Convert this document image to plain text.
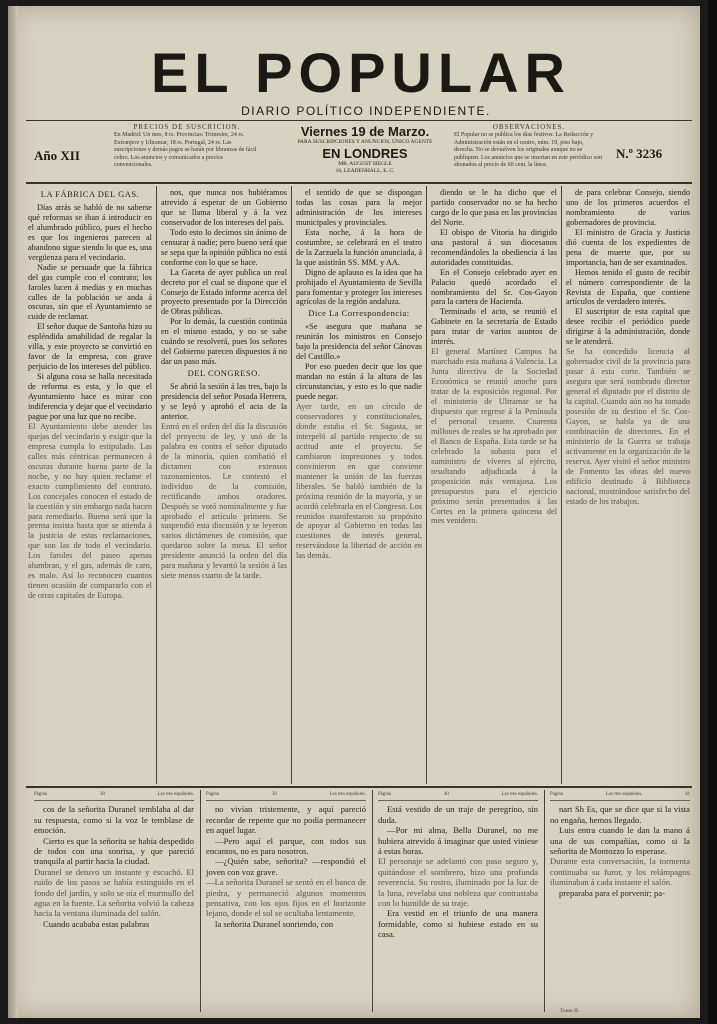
EL POPULAR
DIARIO POLÍTICO INDEPENDIENTE.
PRECIOS DE SUSCRICION.
En Madrid: Un mes, 8 rs. Provincias: Trimestre, 24 rs. Extranjero y Ultramar, 18 rs. Portugal, 24 rs. Las suscripciones y demás pagos se harán por libranzas de fácil cobro. Los anuncios y comunicados a precios convencionales.
Año XII
Viernes 19 de Marzo.
PARA SUSCRIPCIONES Y ANUNCIOS, ÚNICO AGENTE
EN LONDRES
MR. AUGUST SIEGLE
16, LEADENHALL, E. C.
OBSERVACIONES.
El Popular no se publica los días festivos. La Redacción y Administración están en el centro, núm. 19, piso bajo, derecha. No se devuelven los originales aunque no se publiquen. Los anuncios que se insertan en este periódico son abonados al precio de 60 cent. la línea.
N.º 3236

LA FÁBRICA DEL GAS.

Días atrás se habló de no saberse qué reformas se iban á introducir en el alumbrado público, pues el hecho es que los ingenieros parecen al abandono sigue siendo lo que es, una vergüenza para el vecindario.

Nadie se persuade que la fábrica del gas cumple con el contrato; los faroles lucen á medias y en muchas calles de la población se anda á oscuras, sin que el Ayuntamiento se cuide de reclamar.

El señor duque de Santoña hizo su espléndida amabilidad de regalar la villa, y este proyecto se convirtió en favor de la empresa, con grave perjuicio de los intereses del público.

Si alguna cosa se halla necesitada de reforma es esta, y lo que el Ayuntamiento hace es mirar con indiferencia y dejar que el vecindario pague por una luz que no recibe.

El Ayuntamiento debe atender las quejas del vecindario y exigir que la empresa cumpla lo estipulado. Las calles más céntricas permanecen á oscuras durante buena parte de la noche, y no hay quien reclame el exacto cumplimiento del contrato. Los concejales conocen el estado de la cuestión y sin embargo nada hacen para remediarlo. Bueno será que la prensa insista hasta que se atienda á la justicia de estas reclamaciones, que son las de todo el vecindario. Los faroles del paseo apenas alumbran, y el gas, además de caro, es malo. Así lo reconocen cuantos tienen ocasión de compararlo con el de otras capitales de Europa.

nos, que nunca nos hubiéramos atrevido á esperar de un Gobierno que se llama liberal y á la vez conservador de los intereses del país.

Todo esto lo decimos sin ánimo de censurar á nadie; pero bueno será que se sepa que la opinión pública no está conforme con lo que se hace.

La Gaceta de ayer publica un real decreto por el cual se dispone que el Consejo de Estado informe acerca del proyecto presentado por la Dirección de Obras públicas.

Por lo demás, la cuestión continúa en el mismo estado, y no se sabe cuándo se resolverá, pues los señores del Gobierno parecen dispuestos á no dar un paso más.

DEL CONGRESO.

Se abrió la sesión á las tres, bajo la presidencia del señor Posada Herrera, y se leyó y aprobó el acta de la anterior.

Entró en el orden del día la discusión del proyecto de ley, y usó de la palabra en contra el señor diputado de la minoría, quien combatió el dictamen con extensos razonamientos. Le contestó el individuo de la comisión, rectificando ambos oradores. Después se votó nominalmente y fue aprobado el artículo primero. Se suspendió esta discusión y se leyeron varios dictámenes de comisión, que quedaron sobre la mesa. El señor presidente anunció la orden del día para mañana y levantó la sesión á las siete menos cuarto de la tarde.

el sentido de que se dispongan todas las cosas para la mejor administración de los intereses municipales y provinciales.

Esta noche, á la hora de costumbre, se celebrará en el teatro de la Zarzuela la función anunciada, á la que asistirán SS. MM. y AA.

Digno de aplauso es la idea que ha prohijado el Ayuntamiento de Sevilla para fomentar y proteger los intereses agrícolas de la región andaluza.

Dice La Correspondencia:

«Se asegura que mañana se reunirán los ministros en Consejo bajo la presidencia del señor Cánovas del Castillo.»

Por eso pueden decir que los que mandan no están á la altura de las circunstancias, y esto es lo que nadie puede negar.

Ayer tarde, en un círculo de conservadores y constitucionales, donde estaba el Sr. Sagasta, se interpeló al partido respecto de su actitud ante el proyecto. Se cambiaron impresiones y todos convinieron en que conviene mantener la unión de las fuerzas liberales. Se habló también de la próxima reunión de la mayoría, y se acordó celebrarla en el Congreso. Los reunidos manifestaron su propósito de apoyar al Gobierno en todas las cuestiones de interés general, reservándose la libertad de acción en las demás.

diendo se le ha dicho que el partido conservador no se ha hecho cargo de lo que pasa en las provincias del Norte.

El obispo de Vitoria ha dirigido una pastoral á sus diocesanos recomendándoles la obediencia á las autoridades constituidas.

En el Consejo celebrado ayer en Palacio quedó acordado el nombramiento del Sr. Cos-Gayon para la cartera de Hacienda.

Terminado el acto, se reunió el Gabinete en la secretaría de Estado para tratar de varios asuntos de interés.

El general Martínez Campos ha marchado esta mañana á Valencia. La Junta directiva de la Sociedad Económica se reunió anoche para tratar de la exposición regional. Por el ministerio de Ultramar se ha dispuesto que regrese á la Península el personal cesante. Cuarenta millones de reales se ha aprobado por el Banco de España. Esta tarde se ha celebrado la subasta para el suministro de víveres al ejército, resultando adjudicada á la proposición más ventajosa. Los presupuestos para el ejercicio próximo serán presentados á las Cortes en la primera quincena del mes venidero.

de para celebrar Consejo, siendo uno de los primeros acuerdos el nombramiento de varios gobernadores de provincia.

El ministro de Gracia y Justicia dió cuenta de los expedientes de pena de muerte que, por su importancia, han de ser examinados.

Hemos tenido el gusto de recibir el número correspondiente de la Revista de España, que contiene artículos de verdadero interés.

El suscriptor de esta capital que desee recibir el periódico puede dirigirse á la administración, donde se le atenderá.

Se ha concedido licencia al gobernador civil de la provincia para pasar á esta corte. También se asegura que será nombrado director general el diputado por el distrito de la capital. Cuando aún no ha tomado posesión de su destino el Sr. Cos-Gayon, se habla ya de una combinación de directores. En el ministerio de la Guerra se trabaja activamente en la organización de la reserva. Ayer visitó el señor ministro de Fomento las obras del nuevo edificio destinado á Biblioteca nacional, mostrándose satisfecho del estado de los trabajos.

Página	38	Los tres españoles.

cos de la señorita Duranel temblaba al dar su respuesta, como si la voz le temblase de emoción.

Cierto es que la señorita se había despedido de todos con una sonrisa, y que pareció tranquila al partir hacia la ciudad.

Duranel se detuvo un instante y escuchó. El ruido de los pasos se había extinguido en el fondo del jardín, y solo se oía el murmullo del agua en la fuente. La señorita volvió la cabeza hacia la ventana iluminada del salón.

Cuando acababa estas palabras

Página	39	Los tres españoles.

no vivían tristemente, y aquí pareció recordar de repente que no podía permanecer en aquel lugar.

—Pero aquí el parque, con todos sus encantos, no es para nosotros.

—¿Quién sabe, señorita? —respondió el joven con voz grave.

—La señorita Duranel se sentó en el banco de piedra, y permaneció algunos momentos pensativa, con los ojos fijos en el horizonte lejano, donde el sol se ocultaba lentamente.

la señorita Duranel sonriendo, con

Página	40	Los tres españoles.

Está vestido de un traje de peregrino, sin duda.

—Por mi alma, Bella Duranel, no me hubiera atrevido á imaginar que usted viniese á estas horas.

El personaje se adelantó con paso seguro y, quitándose el sombrero, hizo una profunda reverencia. Su rostro, iluminado por la luz de la luna, revelaba una nobleza que contrastaba con lo humilde de su traje.

Era vestid en el triunfo de una manera formidable, como si hubiese estado en su casa.

Página	Los tres españoles.	41

nart Sh Es, que se dice que si la vista no engaña, hemos llegado.

Luis entra cuando le dan la mano á una de sus compañías, como si la señorita de Montozzo lo esperase.

Durante esta conversación, la tormenta continuaba su furor, y los relámpagos iluminaban á cada instante el salón.

preparaba para el porvenir; pa-

Tomo II.
